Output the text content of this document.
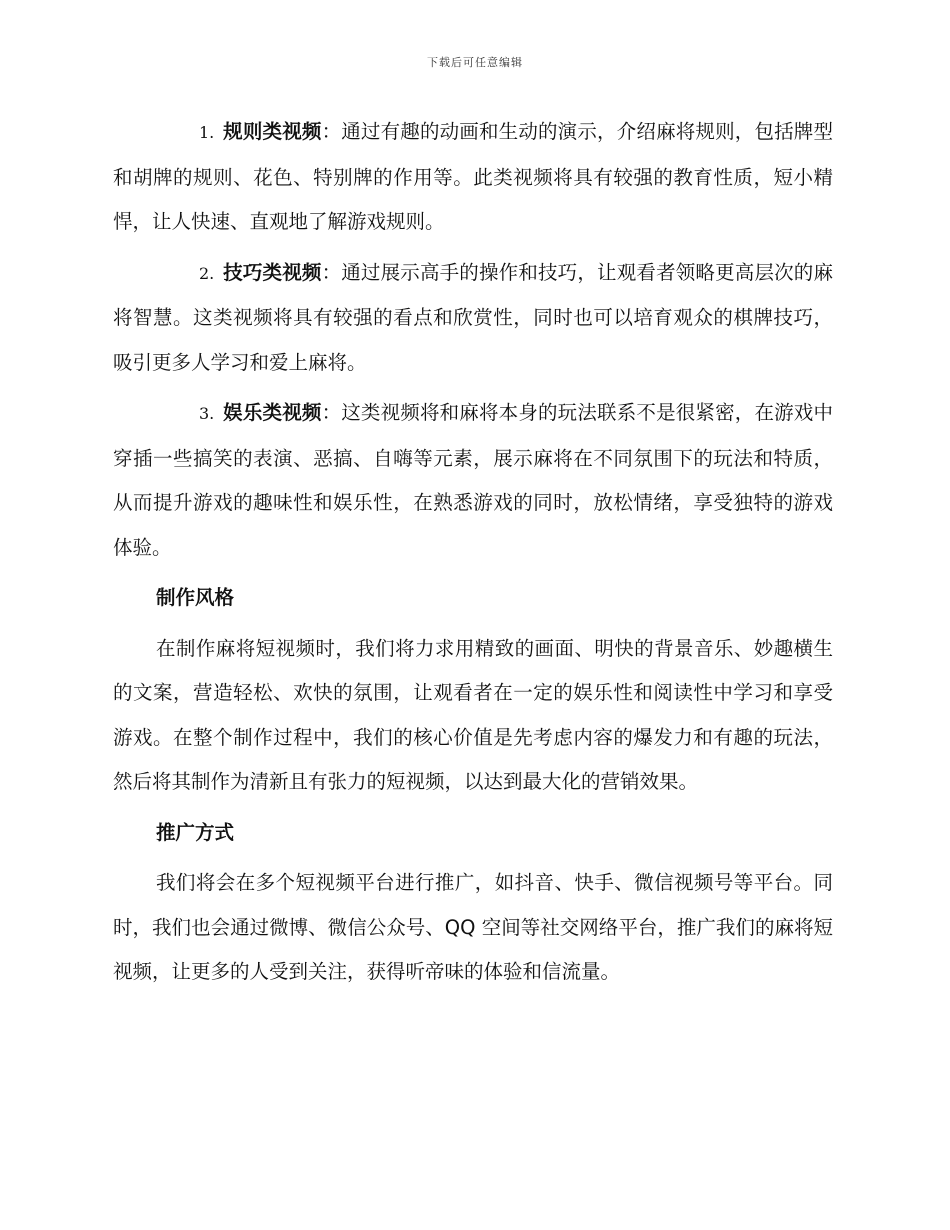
下载后可任意编辑

1. 规则类视频：通过有趣的动画和生动的演示，介绍麻将规则，包括牌型和胡牌的规则、花色、特别牌的作用等。此类视频将具有较强的教育性质，短小精悍，让人快速、直观地了解游戏规则。

2. 技巧类视频：通过展示高手的操作和技巧，让观看者领略更高层次的麻将智慧。这类视频将具有较强的看点和欣赏性，同时也可以培育观众的棋牌技巧，吸引更多人学习和爱上麻将。

3. 娱乐类视频：这类视频将和麻将本身的玩法联系不是很紧密，在游戏中穿插一些搞笑的表演、恶搞、自嗨等元素，展示麻将在不同氛围下的玩法和特质，从而提升游戏的趣味性和娱乐性，在熟悉游戏的同时，放松情绪，享受独特的游戏体验。

制作风格

在制作麻将短视频时，我们将力求用精致的画面、明快的背景音乐、妙趣横生的文案，营造轻松、欢快的氛围，让观看者在一定的娱乐性和阅读性中学习和享受游戏。在整个制作过程中，我们的核心价值是先考虑内容的爆发力和有趣的玩法，然后将其制作为清新且有张力的短视频，以达到最大化的营销效果。

推广方式

我们将会在多个短视频平台进行推广，如抖音、快手、微信视频号等平台。同时，我们也会通过微博、微信公众号、QQ 空间等社交网络平台，推广我们的麻将短视频，让更多的人受到关注，获得听帝味的体验和信流量。
